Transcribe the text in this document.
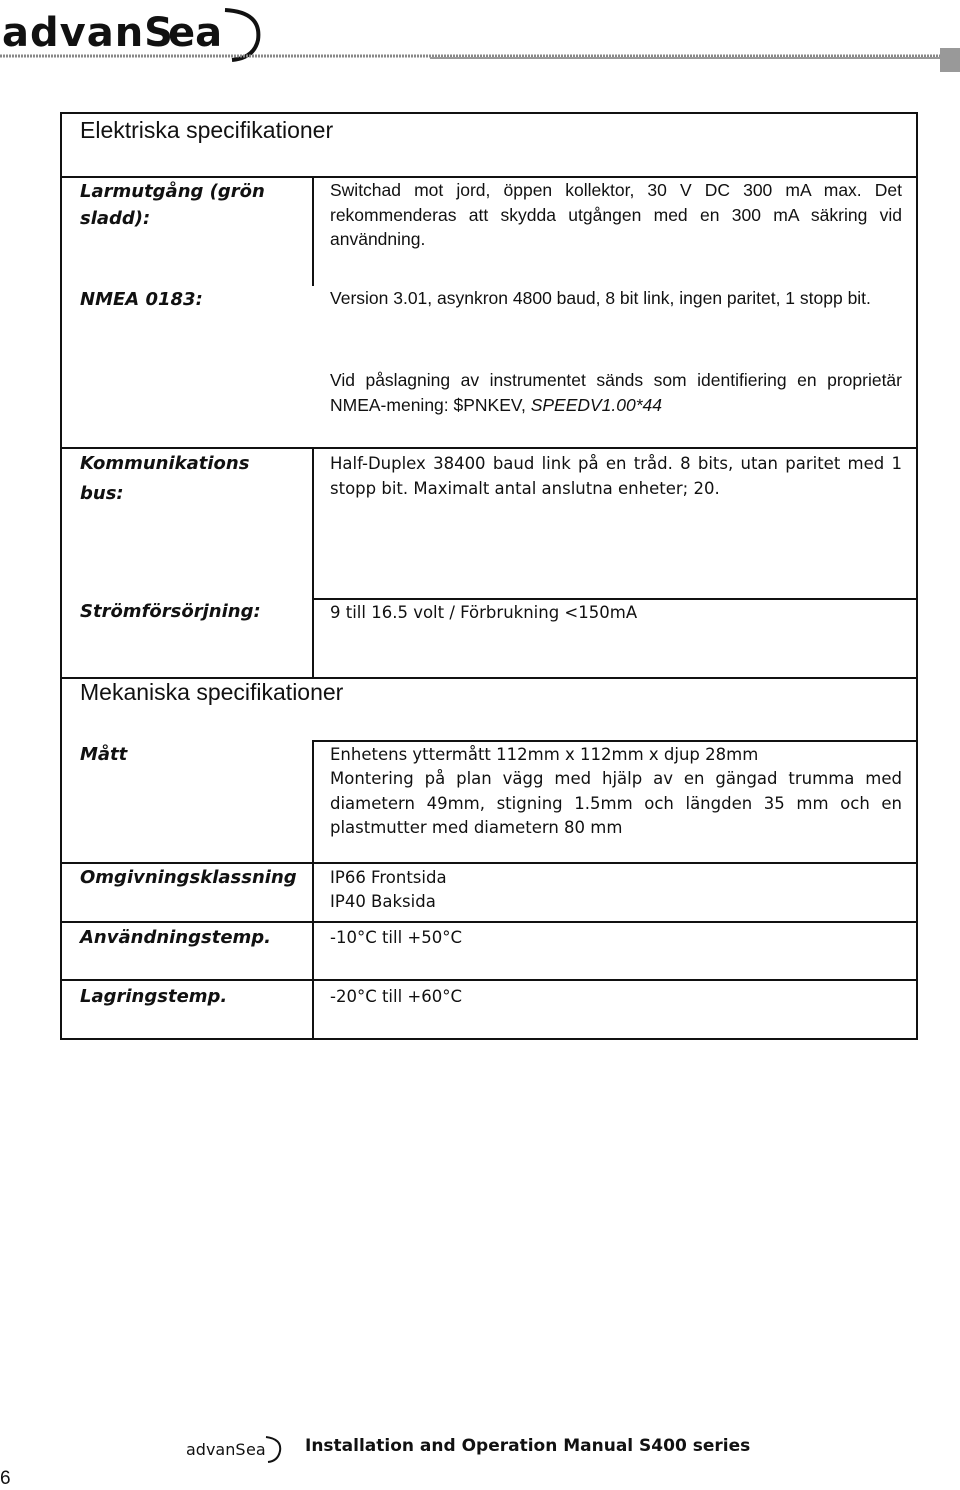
advanS
ea
Elektriska specifikationer
Larmutgång (grön sladd):
Switchad mot jord, öppen kollektor, 30 V DC 300 mA max. Det rekommenderas att skydda utgången med en 300 mA säkring vid användning.
NMEA 0183:	Version 3.01, asynkron 4800 baud, 8 bit link, ingen paritet, 1 stopp bit.
Vid påslagning av instrumentet sänds som identifiering en proprietär NMEA-mening: $PNKEV, SPEEDV1.00*44
Kommunikations
bus:
Half-Duplex 38400 baud link på en tråd. 8 bits, utan paritet med 1 stopp bit. Maximalt antal anslutna enheter; 20.
Strömförsörjning:	9 till 16.5 volt / Förbrukning <150mA
Mekaniska specifikationer
Mått	Enhetens yttermått 112mm x 112mm x djup 28mm
Montering på plan vägg med hjälp av en gängad trumma med diametern 49mm, stigning 1.5mm och längden 35 mm och en plastmutter med diametern 80 mm
Omgivningsklassning IP66 Frontsida
IP40 Baksida
Användningstemp.	-10°C till +50°C
Lagringstemp.	-20°C till +60°C
advanS ea Installation and Operation Manual S400 series
6
